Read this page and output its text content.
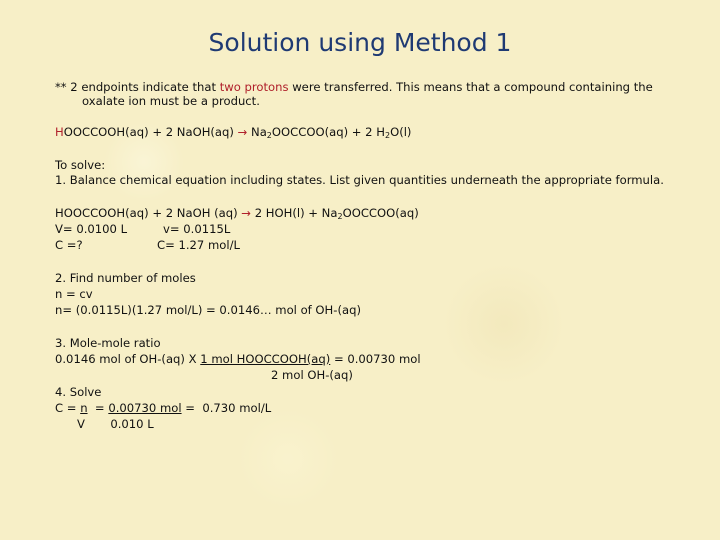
Solution using Method 1
** 2 endpoints indicate that two protons were transferred. This means that a compound containing the
oxalate ion must be a product.
HOOCCOOH(aq) + 2 NaOH(aq) → $Na_2OOCCOO(aq) + 2$ $H_2O(l)$
To solve:
1. Balance chemical equation including states. List given quantities underneath the appropriate formula.
HOOCCOOH(aq) + 2 NaOH (aq) → 2 $HOH(l) + Na_2OOCCOO(aq)$
V= 0.0100 L	v= 0.0115L
C =?	C= 1.27 mol/L
2. Find number of moles
n = cv
n= (0.0115L)(1.27 mol/L) = 0.0146… mol of OH-(aq)
3. Mole-mole ratio
0.0146 mol of OH-(aq) X 1 mol HOOCCOOH(aq) = 0.00730 mol
2 mol OH-(aq)
4. Solve
C = n  = 0.00730 mol =  0.730 mol/L
V 0.010 L
